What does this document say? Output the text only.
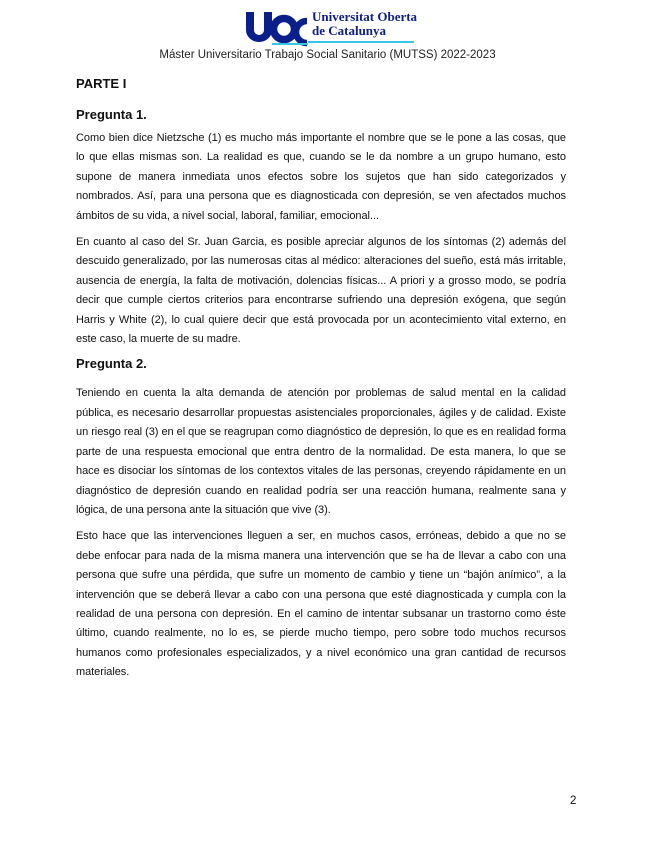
Universitat Oberta
de Catalunya
Máster Universitario Trabajo Social Sanitario (MUTSS) 2022-2023
PARTE I
Pregunta 1.

Como bien dice Nietzsche (1) es mucho más importante el nombre que se le pone a las cosas, que lo que ellas mismas son. La realidad es que, cuando se le da nombre a un grupo humano, esto supone de manera inmediata unos efectos sobre los sujetos que han sido categorizados y nombrados. Así, para una persona que es diagnosticada con depresión, se ven afectados muchos ámbitos de su vida, a nivel social, laboral, familiar, emocional...

En cuanto al caso del Sr. Juan Garcia, es posible apreciar algunos de los síntomas (2) además del descuido generalizado, por las numerosas citas al médico: alteraciones del sueño, está más irritable, ausencia de energía, la falta de motivación, dolencias físicas... A priori y a grosso modo, se podría decir que cumple ciertos criterios para encontrarse sufriendo una depresión exógena, que según Harris y White (2), lo cual quiere decir que está provocada por un acontecimiento vital externo, en este caso, la muerte de su madre.

Pregunta 2.

Teniendo en cuenta la alta demanda de atención por problemas de salud mental en la calidad pública, es necesario desarrollar propuestas asistenciales proporcionales, ágiles y de calidad. Existe un riesgo real (3) en el que se reagrupan como diagnóstico de depresión, lo que es en realidad forma parte de una respuesta emocional que entra dentro de la normalidad. De esta manera, lo que se hace es disociar los síntomas de los contextos vitales de las personas, creyendo rápidamente en un diagnóstico de depresión cuando en realidad podría ser una reacción humana, realmente sana y lógica, de una persona ante la situación que vive (3).

Esto hace que las intervenciones lleguen a ser, en muchos casos, erróneas, debido a que no se debe enfocar para nada de la misma manera una intervención que se ha de llevar a cabo con una persona que sufre una pérdida, que sufre un momento de cambio y tiene un “bajón anímico”, a la intervención que se deberá llevar a cabo con una persona que esté diagnosticada y cumpla con la realidad de una persona con depresión. En el camino de intentar subsanar un trastorno como éste último, cuando realmente, no lo es, se pierde mucho tiempo, pero sobre todo muchos recursos humanos como profesionales especializados, y a nivel económico una gran cantidad de recursos materiales.

2
